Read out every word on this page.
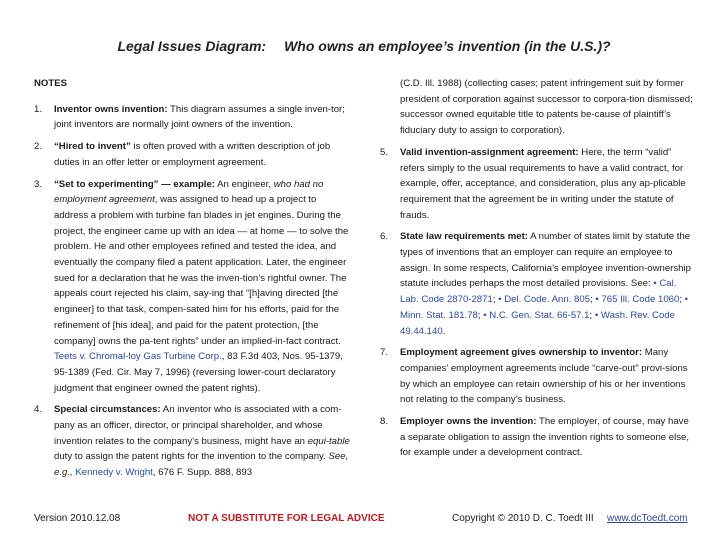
Legal Issues Diagram: Who owns an employee’s invention (in the U.S.)?
NOTES
1. Inventor owns invention: This diagram assumes a single inven-tor; joint inventors are normally joint owners of the invention.
2. “Hired to invent” is often proved with a written description of job duties in an offer letter or employment agreement.
3. “Set to experimenting” — example: An engineer, who had no employment agreement, was assigned to head up a project to address a problem with turbine fan blades in jet engines. During the project, the engineer came up with an idea — at home — to solve the problem. He and other employees refined and tested the idea, and eventually the company filed a patent application. Later, the engineer sued for a declaration that he was the inven-tion’s rightful owner. The appeals court rejected his claim, say-ing that “[h]aving directed [the engineer] to that task, compen-sated him for his efforts, paid for the refinement of [his idea], and paid for the patent protection, [the company] owns the pa-tent rights” under an implied-in-fact contract. Teets v. Chromal-loy Gas Turbine Corp., 83 F.3d 403, Nos. 95-1379, 95-1389 (Fed. Cir. May 7, 1996) (reversing lower-court declaratory judgment that engineer owned the patent rights).
4. Special circumstances: An inventor who is associated with a com-pany as an officer, director, or principal shareholder, and whose invention relates to the company’s business, might have an equi-table duty to assign the patent rights for the invention to the company. See, e.g., Kennedy v. Wright, 676 F. Supp. 888, 893
(C.D. Ill. 1988) (collecting cases; patent infringement suit by former president of corporation against successor to corpora-tion dismissed; successor owned equitable title to patents be-cause of plaintiff’s fiduciary duty to assign to corporation).
5. Valid invention-assignment agreement: Here, the term “valid” refers simply to the usual requirements to have a valid contract, for example, offer, acceptance, and consideration, plus any ap-plicable requirement that the agreement be in writing under the statute of frauds.
6. State law requirements met: A number of states limit by statute the types of inventions that an employer can require an employee to assign. In some respects, California’s employee invention-ownership statute includes perhaps the most detailed provisions. See: • Cal. Lab. Code 2870-2871; • Del. Code. Ann. 805; • 765 Ill. Code 1060; • Minn. Stat. 181.78; • N.C. Gen. Stat. 66-57.1; • Wash. Rev. Code 49.44.140.
7. Employment agreement gives ownership to inventor: Many companies’ employment agreements include “carve-out” provi-sions by which an employee can retain ownership of his or her inventions not relating to the company’s business.
8. Employer owns the invention: The employer, of course, may have a separate obligation to assign the invention rights to someone else, for example under a development contract.
Version 2010.12.08	NOT A SUBSTITUTE FOR LEGAL ADVICE	Copyright © 2010 D. C. Toedt III www.dcToedt.com
